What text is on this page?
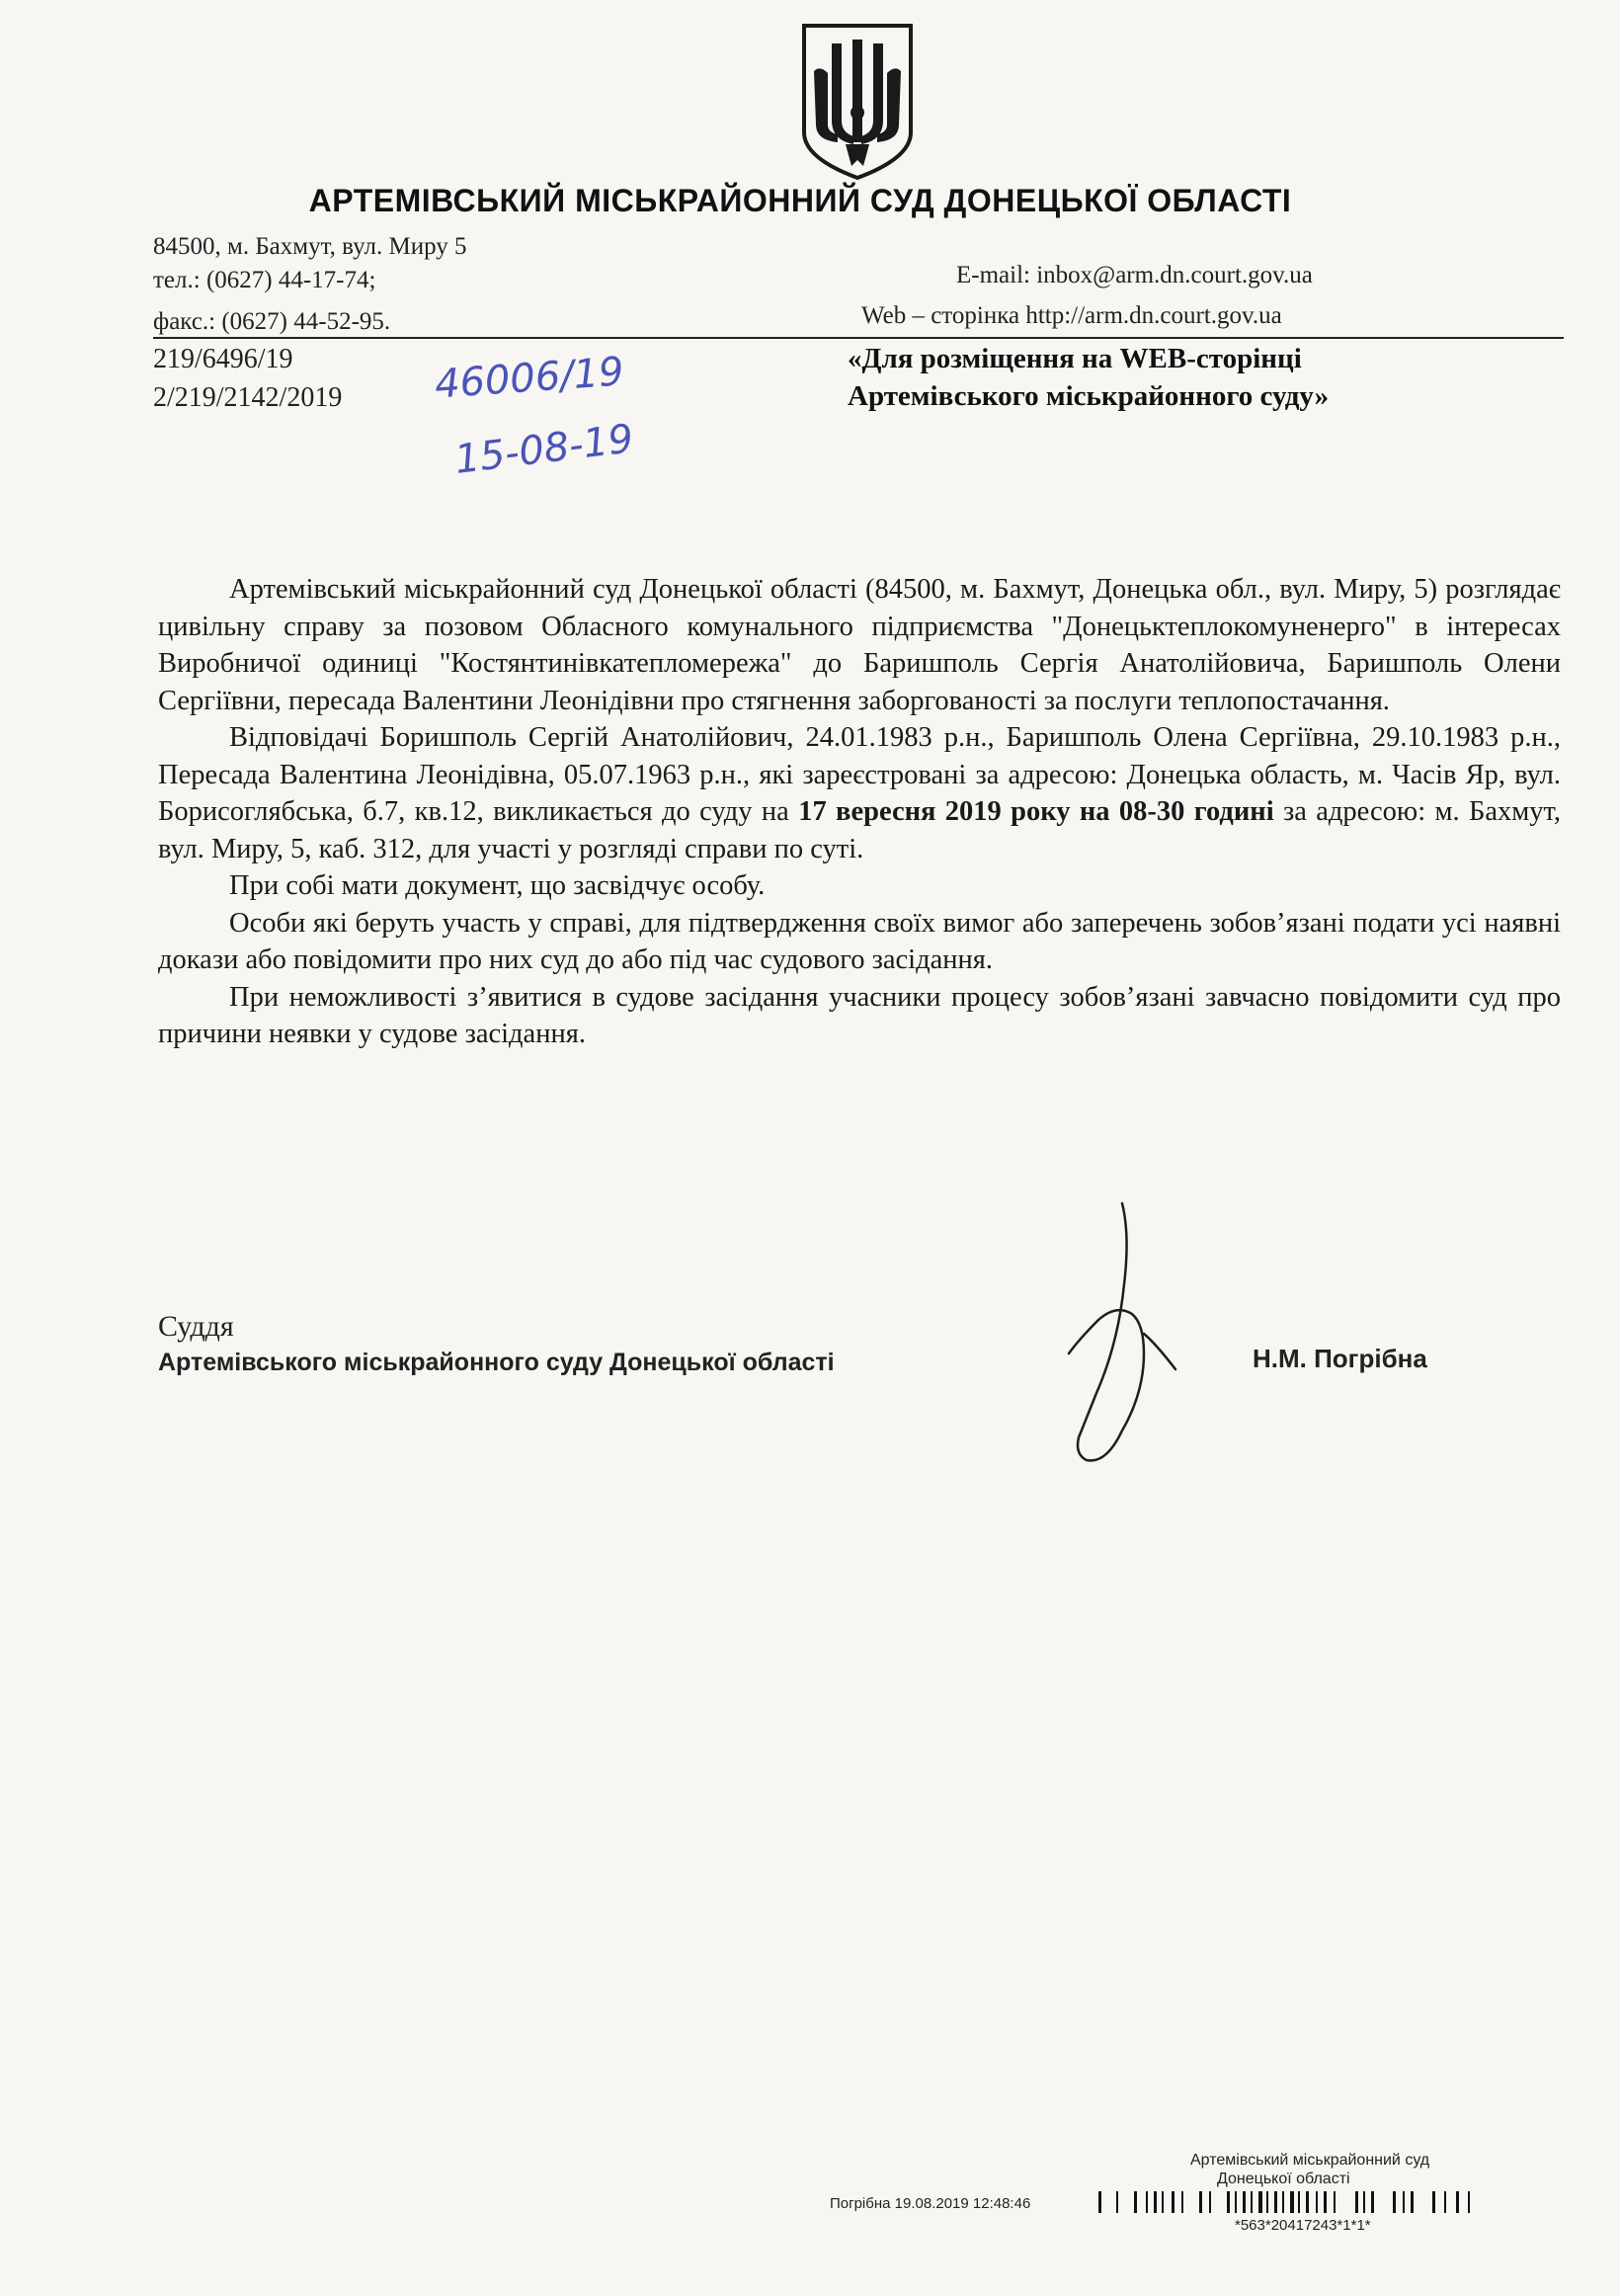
АРТЕМІВСЬКИЙ МІСЬКРАЙОННИЙ СУД ДОНЕЦЬКОЇ ОБЛАСТІ
84500, м. Бахмут, вул. Миру 5
тел.: (0627) 44-17-74;
факс.: (0627) 44-52-95.
E-mail: inbox@arm.dn.court.gov.ua
Web – сторінка http://arm.dn.court.gov.ua
219/6496/19
2/219/2142/2019 46006/19
15-08-19
«Для розміщення на WEB-сторінці
Артемівського міськрайонного суду»

Артемівський міськрайонний суд Донецької області (84500, м. Бахмут, Донецька обл., вул. Миру, 5) розглядає цивільну справу за позовом Обласного комунального підприємства "Донецьктеплокомуненерго" в інтересах Виробничої одиниці "Костянтинівкатепломережа" до Баришполь Сергія Анатолійовича, Баришполь Олени Сергіївни, пересада Валентини Леонідівни про стягнення заборгованості за послуги теплопостачання.

Відповідачі Боришполь Сергій Анатолійович, 24.01.1983 р.н., Баришполь Олена Сергіївна, 29.10.1983 р.н., Пересада Валентина Леонідівна, 05.07.1963 р.н., які зареєстровані за адресою: Донецька область, м. Часів Яр, вул. Борисоглябська, б.7, кв.12, викликається до суду на 17 вересня 2019 року на 08-30 годині за адресою: м. Бахмут, вул. Миру, 5, каб. 312, для участі у розгляді справи по суті.

При собі мати документ, що засвідчує особу.

Особи які беруть участь у справі, для підтвердження своїх вимог або заперечень зобов’язані подати усі наявні докази або повідомити про них суд до або під час судового засідання.

При неможливості з’явитися в судове засідання учасники процесу зобов’язані завчасно повідомити суд про причини неявки у судове засідання.

Суддя
Артемівського міськрайонного суду Донецької області	Н.М. Погрібна
Артемівський міськрайонний суд
Донецької області
Погрібна 19.08.2019 12:48:46
*563*20417243*1*1*
